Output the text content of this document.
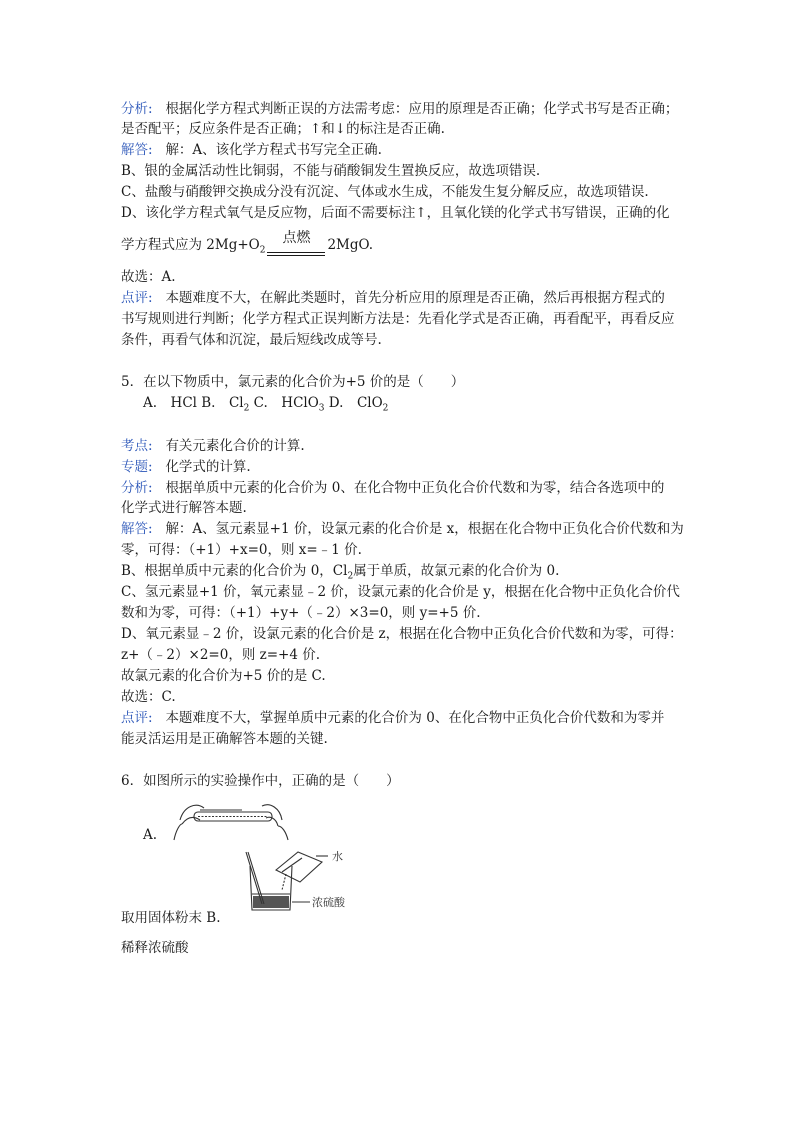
分析: 根据化学方程式判断正误的方法需考虑：应用的原理是否正确；化学式书写是否正确；
是否配平；反应条件是否正确；↑和↓的标注是否正确.
解答: 解：A、该化学方程式书写完全正确.
B、银的金属活动性比铜弱，不能与硝酸铜发生置换反应，故选项错误.
C、盐酸与硝酸钾交换成分没有沉淀、气体或水生成，不能发生复分解反应，故选项错误.
D、该化学方程式氧气是反应物，后面不需要标注↑，且氧化镁的化学式书写错误，正确的化
学方程式应为 $2Mg+O_2$
点燃	2MgO.
故选：A.
点评: 本题难度不大，在解此类题时，首先分析应用的原理是否正确，然后再根据方程式的
书写规则进行判断；化学方程式正误判断方法是：先看化学式是否正确，再看配平，再看反应
条件，再看气体和沉淀，最后短线改成等号.
5．在以下物质中，氯元素的化合价为+5 价的是（　　）
A.　HCl B.　$Cl_2$ C.　HClO$_3$ D.　ClO$_2$
考点: 有关元素化合价的计算.
专题: 化学式的计算.
分析: 根据单质中元素的化合价为 0、在化合物中正负化合价代数和为零，结合各选项中的
化学式进行解答本题.
解答: 解：A、氢元素显+1 价，设氯元素的化合价是 x，根据在化合物中正负化合价代数和为
零，可得：（+1）+x=0，则 x=﹣1 价.
B、根据单质中元素的化合价为 0，$Cl_2$属于单质，故氯元素的化合价为 0.
C、氢元素显+1 价，氧元素显﹣2 价，设氯元素的化合价是 y，根据在化合物中正负化合价代
数和为零，可得：（+1）+y+（﹣2）×3=0，则 y=+5 价.
D、氧元素显﹣2 价，设氯元素的化合价是 z，根据在化合物中正负化合价代数和为零，可得：
z+（﹣2）×2=0，则 z=+4 价.
故氯元素的化合价为+5 价的是 C.
故选：C.
点评: 本题难度不大，掌握单质中元素的化合价为 0、在化合物中正负化合价代数和为零并
能灵活运用是正确解答本题的关键.
6．如图所示的实验操作中，正确的是（　　）
A.
水
浓硫酸
取用固体粉末 B.
稀释浓硫酸
